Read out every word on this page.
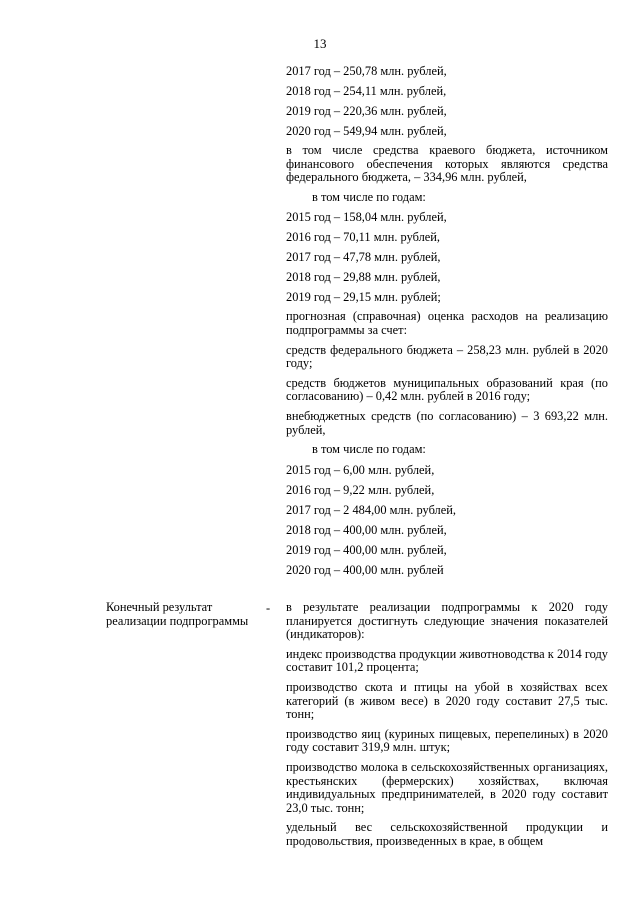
13

2017 год – 250,78 млн. рублей,

2018 год – 254,11 млн. рублей,

2019 год – 220,36 млн. рублей,

2020 год – 549,94 млн. рублей,

в том числе средства краевого бюджета, источником финансового обеспечения которых являются средства федерального бюджета, – 334,96 млн. рублей,

в том числе по годам:

2015 год – 158,04 млн. рублей,

2016 год – 70,11 млн. рублей,

2017 год – 47,78 млн. рублей,

2018 год – 29,88 млн. рублей,

2019 год – 29,15 млн. рублей;

прогнозная (справочная) оценка расходов на реализацию подпрограммы за счет:

средств федерального бюджета – 258,23 млн. рублей в 2020 году;

средств бюджетов муниципальных образований края (по согласованию) – 0,42 млн. рублей в 2016 году;

внебюджетных средств (по согласованию) – 3 693,22 млн. рублей,

в том числе по годам:

2015 год – 6,00 млн. рублей,

2016 год – 9,22 млн. рублей,

2017 год – 2 484,00 млн. рублей,

2018 год – 400,00 млн. рублей,

2019 год – 400,00 млн. рублей,

2020 год – 400,00 млн. рублей

Конечный результат реализации подпрограммы
- в результате реализации подпрограммы к 2020 году планируется достигнуть следующие значения показателей (индикаторов):

индекс производства продукции животноводства к 2014 году составит 101,2 процента;

производство скота и птицы на убой в хозяйствах всех категорий (в живом весе) в 2020 году составит 27,5 тыс. тонн;

производство яиц (куриных пищевых, перепелиных) в 2020 году составит 319,9 млн. штук;

производство молока в сельскохозяйственных организациях, крестьянских (фермерских) хозяйствах, включая индивидуальных предпринимателей, в 2020 году составит 23,0 тыс. тонн;

удельный вес сельскохозяйственной продукции и продовольствия, произведенных в крае, в общем
